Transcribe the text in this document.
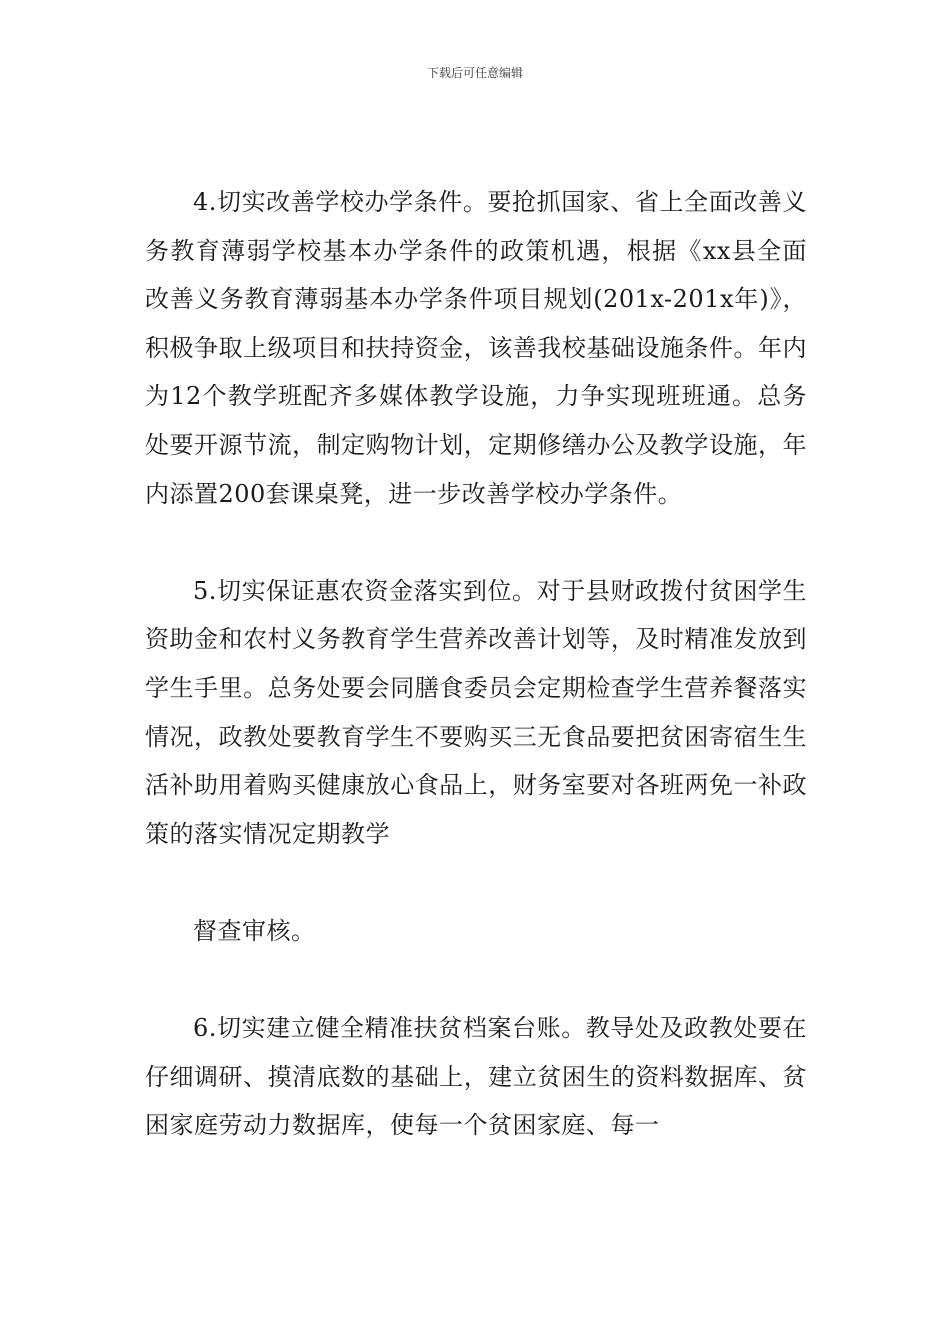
下载后可任意编辑

4.切实改善学校办学条件。要抢抓国家、省上全面改善义务教育薄弱学校基本办学条件的政策机遇，根据《xx县全面改善义务教育薄弱基本办学条件项目规划(201x-201x年)》，积极争取上级项目和扶持资金，该善我校基础设施条件。年内为12个教学班配齐多媒体教学设施，力争实现班班通。总务处要开源节流，制定购物计划，定期修缮办公及教学设施，年内添置200套课桌凳，进一步改善学校办学条件。

5.切实保证惠农资金落实到位。对于县财政拨付贫困学生资助金和农村义务教育学生营养改善计划等，及时精准发放到学生手里。总务处要会同膳食委员会定期检查学生营养餐落实情况，政教处要教育学生不要购买三无食品要把贫困寄宿生生活补助用着购买健康放心食品上，财务室要对各班两免一补政策的落实情况定期教学

督查审核。

6.切实建立健全精准扶贫档案台账。教导处及政教处要在仔细调研、摸清底数的基础上，建立贫困生的资料数据库、贫困家庭劳动力数据库，使每一个贫困家庭、每一
